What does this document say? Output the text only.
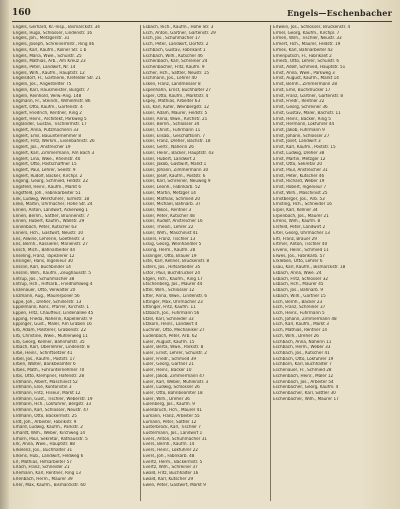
160	Engels—Eschenbacher
Engels, Gerhard, Kr.-Insp., Bismarckstr. 34
Engels, Hugo, Schlosser, Lindenstr. 16
Engels, Joh., Metzgerstr. 31
Engels, Joseph, Schreinermstr., Ring 46
Engels, Karl, Kaufm., Kölner Str. 1 b
Engels, Maria, Wwe., Schulstr. 25
Engels, Mathias, Arb., Am Kreuz 23
Engels, Peter, Landwirt, Nr. 14
Engels, Wilh., Kaufm., Hauptstr. 12
Engelsdorf, Fr., Gärtnerei, Krefelder Str. 21
Engeln, Jos., Angestellter 75
Engeln, Karl, Hausmeister, Burgstr. 7
Engeln, Reinhold, Verw.-Ang. 148
Engmann, Fr., Steindr., Wilhelmstr. 86
Engert, Otto, Kaufm., Gartenstr. 4
Engert, Friedrich, Rentner, Ring 2
Engert, Heinr., Architekt, Parkweg 5
Engländer, Gustav, Tischlermstr. 17
Englert, Anna, Putzmacherin 33
Englert, Emil, Bauunternehmer 8
Englert, Fritz, Werkm., Eisenbahnstr. 26
Englert, Jos., Anstreicher 19
Englert, Karl, Zimmermann, Am Bach 3
Englert, Lina, Wwe., Rheinstr. 40
Englert, Otto, Postschaffner 15
Englert, Paul, Lehrer, Seestr. 9
Englert, Rudolf, Bäcker, Kirchpl. 2
Engling, Georg, Schmied, Feldstr. 22
Engsfeld, Heinr., Kaufm., Markt 6
Engstfeld, Joh., Fabrikarbeiter 51
Enk, Ludwig, Werkführer, Turmstr. 18
Enke, Martin, Uhrmacher, Hohe Str. 24
Ennen, Anton, Landwirt, Ackerweg 1
Ennen, Bernh., Sattler, Brunnenstr. 7
Ennen, Hubert, Kaufm., Wallstr. 29
Ennenbach, Peter, Kutscher 63
Enners, Hch., Gastwirt, Neustr. 10
Ens, Alwine, Lehrerin, Goethestr. 3
Ens, Bernh., Kassierer, Marienstr. 27
Ensch, Mich., Bahnarbeiter 44
Enseling, Franz, Tapezierer 12
Ensinger, Hans, Ingenieur 30
Ensslin, Karl, Buchbinder 14
Ensslin, Wilh., Kaufm., Zeughausstr. 5
Entrup, Jos., Schuhmacher 38
Entrup, Hch., Hilfsarb., Friedhofsweg 4
Enzenauer, Otto, Verwalter 20
Enzmann, Aug., Maurerpolier 56
Eppe, Joh., Dreher, Schillerstr. 13
Eppelmann, Konr., Pfarrer, Kirchstr. 1
Eppen, Fritz, Chauffeur, Lindenallee 45
Epping, Frieda, Näherin, Kapellenstr. 9
Eppinger, Gust., Maler, Am Graben 16
Erb, Adam, Polsterer, Grabenstr. 22
Erb, Christine, Wwe., Mühlenweg 11
Erb, Georg, Kellner, Bahnhofstr. 35
Erbach, Karl, Oberlehrer, Lindenstr. 8
Erbe, Heinr., Schriftsetzer 41
Erbel, Jos., Kaufm., Poststr. 17
Erben, Walter, Bankbeamter 6
Erbes, Math., Fuhrunternehmer 70
Erbs, Otto, Klempner, Hafenstr. 28
Erdmann, Albert, Maschinist 52
Erdmann, Else, Kontoristin 3
Erdmann, Fritz, Friseur, Markt 12
Erdmann, Gust., Tischler, Weberstr. 19
Erdmann, Hch., Lokführer, Bergstr. 33
Erdmann, Karl, Schlosser, Neustr. 47
Erdmann, Otto, Bäckermstr. 25
Erdt, Joh., Arbeiter, Fabrikstr. 9
Erhard, Ludwig, Kaufm., Parkstr. 2
Erhardt, Wilh., Weber, Kirchweg 14
Erhorn, Paul, Sekretär, Rathausstr. 5
Erk, Anna, Wwe., Hauptstr. 88
Erkelenz, Jos., Buchhalter 31
Erkens, Hub., Landwirt, Feldweg 6
Erl, Mathias, Hilfsarbeiter 57
Erlach, Franz, Schneider 21
Erlemann, Karl, Rentner, Ring 13
Erlenbach, Herm., Maurer 39
Erler, Max, Kaufm., Bismarckstr. 60
Esbach, Rich., Kaufm., Hohe Str. 3
Esch, Anton, Gärtner, Gartenstr. 29
Esch, Jos., Schuhmacher 17
Esch, Peter, Landwirt, Dorfstr. 2
Eschbach, Gustav, Fabrikant 1
Eschbach, Wilh., Kutscher 46
Eschenbach, Karl, Schreiner 24
Eschenbacher, Fritz, Kaufm. 9
Escher, Hch., Sattler, Neustr. 15
Eschmann, Jos., Lehrer 40
Esken, Franz, Landmesser 8
Espenhahn, Ernst, Buchhalter 27
Esper, Otto, Kaufm., Marktstr. 4
Espey, Mathias, Arbeiter 63
Ess, Karl, Küfer, Weinbergstr. 12
Esser, Adam, Maurer, Feldstr. 5
Esser, Anna, Wwe., Kirchstr. 21
Esser, Bernh., Schlosser 34
Esser, Christ., Fuhrmann 11
Esser, Elisab., Geschäftsinh. 7
Esser, Franz, Dreher, Bachstr. 18
Esser, Gertr., Näherin 26
Esser, Heinr., Bäcker, Hauptstr. 43
Esser, Hubert, Landwirt 2
Esser, Jakob, Gastwirt, Markt 1
Esser, Johann, Zimmermann 30
Esser, Josef, Kaufm., Poststr. 6
Esser, Karl, Schreiner, Neuweg 9
Esser, Leonh., Fabrikarb. 52
Esser, Martin, Metzger 14
Esser, Mathias, Schmied 20
Esser, Michael, Bahnarb. 37
Esser, Nikol., Rentner 3
Esser, Peter, Kutscher 48
Esser, Rudolf, Anstreicher 16
Esser, Theod., Lehrer 22
Esser, Wilh., Maschinist 41
Essers, Franz, Tischler 13
Essig, Georg, Weinhändler 5
Essing, Herm., Kaufm. 28
Esslinger, Otto, Brauer 19
Este, Karl, Kellner, Brückenstr. 8
Esters, Jos., Hilfsarbeiter 35
Estor, Paul, Buchdrucker 24
Etgen, Hch., Kaufm., Ring 17
Etschenberg, Jos., Maurer 44
Ettel, Wilh., Schlosser 12
Etter, Anna, Wwe., Lindenstr. 6
Ettinger, Max, Uhrmacher 23
Ettlinger, Fritz, Kaufm. 11
Etzbach, Jos., Fuhrmann 56
Etzel, Karl, Schneider 33
Etzkorn, Heinr., Landwirt 4
Euchner, Otto, Mechaniker 27
Eudenbach, Peter, Arb. 62
Euler, August, Kaufm. 15
Euler, Berta, Wwe., Parkstr. 8
Euler, Ernst, Lehrer, Schulstr. 2
Euler, Friedr., Schmied 39
Euler, Georg, Gärtner 21
Euler, Heinr., Bäcker 10
Euler, Jakob, Zimmermann 47
Euler, Karl, Weber, Mühlenstr. 3
Euler, Ludwig, Schlosser 26
Euler, Otto, Bahnbeamter 18
Euler, Wilh., Dreher 36
Eulenberg, Jos., Kaufm. 9
Eulenbruch, Hch., Maurer 41
Eumann, Franz, Arbeiter 55
Eumann, Peter, Sattler 12
Eusterbrock, Karl, Tischler 7
Eustermann, Jos., Landwirt 1
Evers, Anton, Schuhmacher 31
Evers, Bernh., Kaufm. 14
Evers, Heinr., Lokführer 22
Evers, Joh., Fabrikarb. 48
Evertz, Herm., Bäckermstr. 5
Evertz, Wilh., Schreiner 37
Ewald, Fritz, Buchhalter 16
Ewald, Karl, Kutscher 29
Ewen, Peter, Gastwirt, Markt 9
Erlwein, Jos., Schlosser, Brückenstr. 4
Ermel, Georg, Kaufm., Kirchpl. 7
Ermen, Wilh., Tischler, Neustr. 33
Ermert, Hch., Maurer, Feldstr. 19
Ermes, Karl, Bahnarbeiter 42
Ernenputsch, Fr., Fabrikant 2
Ernesti, Otto, Lehrer, Schulstr. 6
Ernst, Adolf, Schmied, Hauptstr. 51
Ernst, Anna, Wwe., Parkweg 3
Ernst, August, Kaufm., Markt 14
Ernst, Bernh., Zimmermann 28
Ernst, Emil, Buchdrucker 17
Ernst, Franz, Gärtner, Gartenstr. 8
Ernst, Friedr., Rentner 22
Ernst, Georg, Schreiner 36
Ernst, Gustav, Maler, Bachstr. 11
Ernst, Heinr., Bäcker, Ring 5
Ernst, Hermann, Lokführer 44
Ernst, Jakob, Fuhrmann 9
Ernst, Johann, Schlosser 27
Ernst, Josef, Landwirt 3
Ernst, Karl, Kaufm., Poststr. 15
Ernst, Ludwig, Dreher 38
Ernst, Martin, Metzger 12
Ernst, Otto, Sekretär 20
Ernst, Paul, Anstreicher 31
Ernst, Peter, Kutscher 46
Ernst, Richard, Weber 19
Ernst, Robert, Ingenieur 7
Ernst, Wilh., Maschinist 25
Ernstberger, Jos., Arb. 53
Ernsting, Hch., Schneider 16
Erpel, Karl, Kellner 34
Erpenbach, Jos., Maurer 21
Errens, Wilh., Kaufm. 8
Ersfeld, Peter, Landwirt 2
Ertel, Georg, Uhrmacher 13
Ertl, Franz, Brauer 29
Ertmer, Anton, Tischler 40
Ervens, Heinr., Schmied 11
Erwes, Jos., Fabrikarb. 57
Erxleben, Otto, Lehrer 6
Esau, Karl, Kaufm., Bismarckstr. 18
Esbach, Anna, Wwe. 24
Esbach, Fritz, Schlosser 32
Esbach, Hch., Maurer 45
Esbach, Jos., Bahnarb. 9
Esbach, Wilh., Gärtner 15
Esch, Bernh., Bäcker 23
Esch, Franz, Schreiner 37
Esch, Heinr., Fuhrmann 5
Esch, Johann, Zimmermann 48
Esch, Karl, Kaufm., Markt 3
Esch, Mathias, Rentner 14
Esch, Wilh., Dreher 26
Eschbach, Anna, Näherin 11
Eschbach, Herm., Weber 33
Eschbach, Jos., Kutscher 41
Eschbach, Otto, Lokführer 19
Eschborn, Karl, Buchhalter 7
Eschenauer, Fr., Schmied 28
Eschenbach, Heinr., Maler 12
Eschenbach, Jos., Arbeiter 54
Eschenbacher, Georg, Kaufm. 4
Eschenbacher, Karl, Sattler 30
Eschenbacher, Wilh., Maurer 17
